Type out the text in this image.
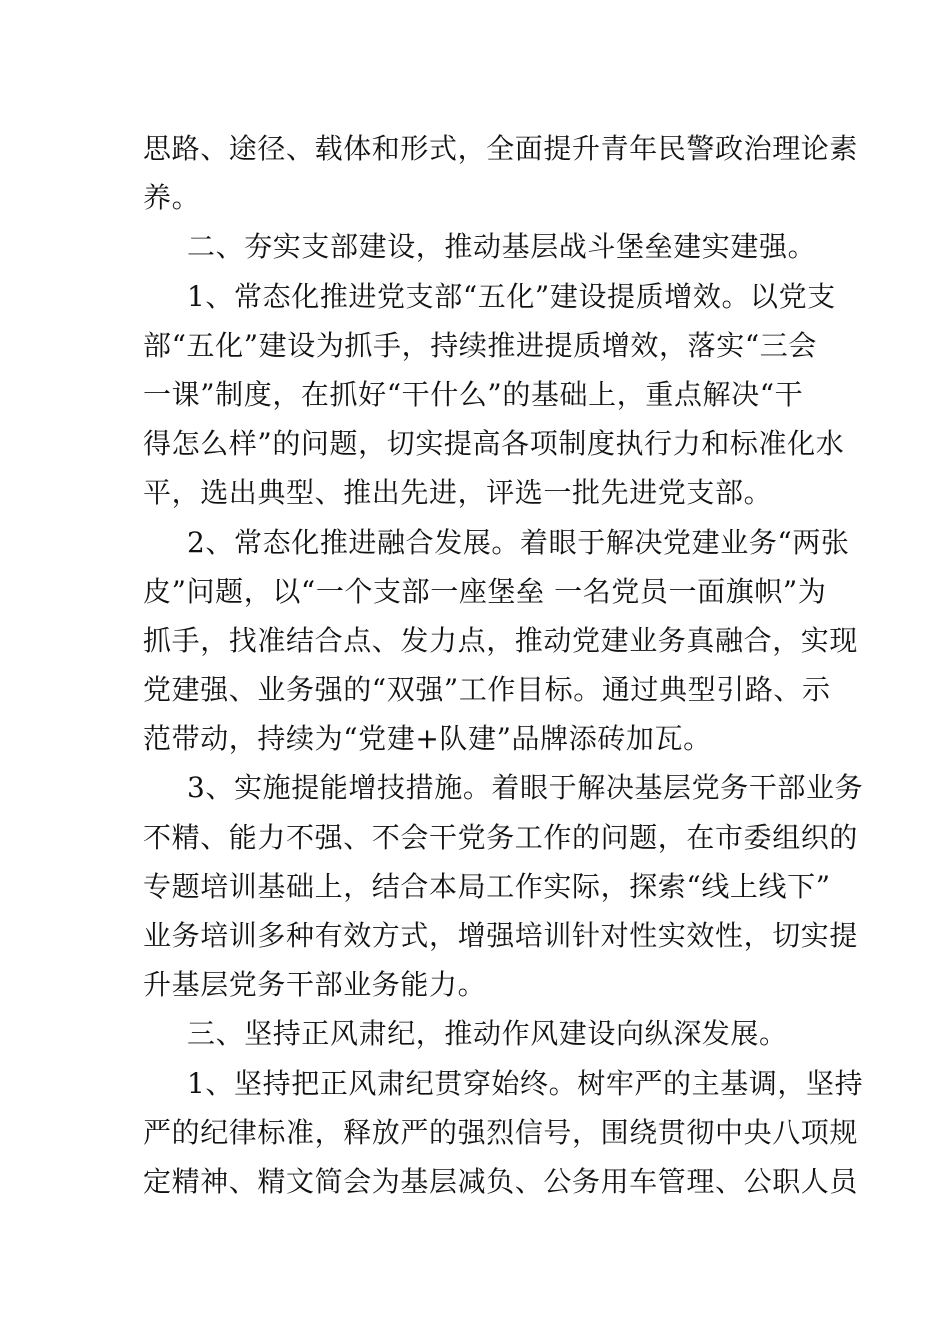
思路、途径、载体和形式，全面提升青年民警政治理论素
养。
二、夯实支部建设，推动基层战斗堡垒建实建强。
1、常态化推进党支部“五化”建设提质增效。以党支
部“五化”建设为抓手，持续推进提质增效，落实“三会
一课”制度，在抓好“干什么”的基础上，重点解决“干
得怎么样”的问题，切实提高各项制度执行力和标准化水
平，选出典型、推出先进，评选一批先进党支部。
2、常态化推进融合发展。着眼于解决党建业务“两张
皮”问题，以“一个支部一座堡垒 一名党员一面旗帜”为
抓手，找准结合点、发力点，推动党建业务真融合，实现
党建强、业务强的“双强”工作目标。通过典型引路、示
范带动，持续为“党建+队建”品牌添砖加瓦。
3、实施提能增技措施。着眼于解决基层党务干部业务
不精、能力不强、不会干党务工作的问题，在市委组织的
专题培训基础上，结合本局工作实际，探索“线上线下”
业务培训多种有效方式，增强培训针对性实效性，切实提
升基层党务干部业务能力。
三、坚持正风肃纪，推动作风建设向纵深发展。
1、坚持把正风肃纪贯穿始终。树牢严的主基调，坚持
严的纪律标准，释放严的强烈信号，围绕贯彻中央八项规
定精神、精文简会为基层减负、公务用车管理、公职人员
